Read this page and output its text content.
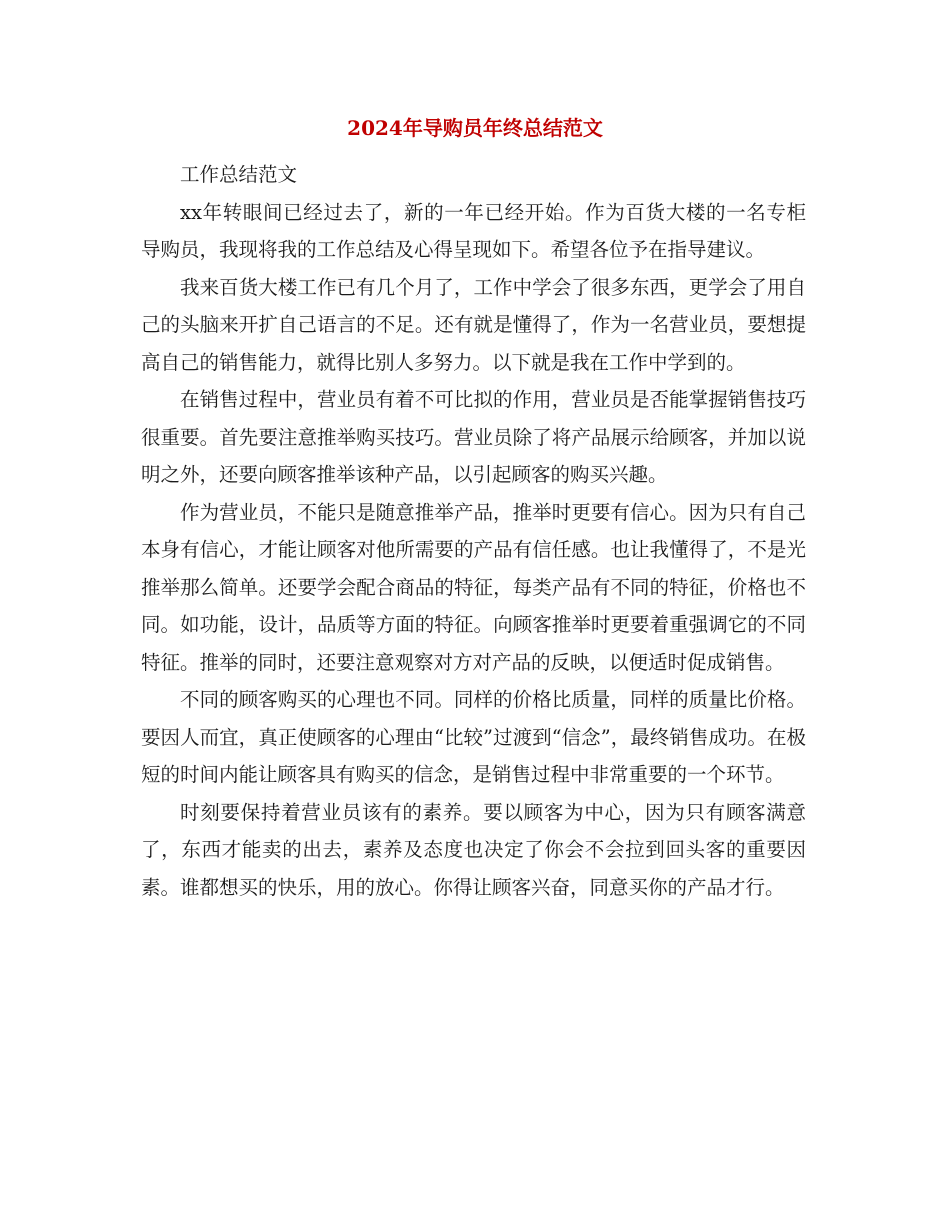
2024年导购员年终总结范文

工作总结范文

xx年转眼间已经过去了，新的一年已经开始。作为百货大楼的一名专柜导购员，我现将我的工作总结及心得呈现如下。希望各位予在指导建议。

我来百货大楼工作已有几个月了，工作中学会了很多东西，更学会了用自己的头脑来开扩自己语言的不足。还有就是懂得了，作为一名营业员，要想提高自己的销售能力，就得比别人多努力。以下就是我在工作中学到的。

在销售过程中，营业员有着不可比拟的作用，营业员是否能掌握销售技巧很重要。首先要注意推举购买技巧。营业员除了将产品展示给顾客，并加以说明之外，还要向顾客推举该种产品，以引起顾客的购买兴趣。

作为营业员，不能只是随意推举产品，推举时更要有信心。因为只有自己本身有信心，才能让顾客对他所需要的产品有信任感。也让我懂得了，不是光推举那么简单。还要学会配合商品的特征，每类产品有不同的特征，价格也不同。如功能，设计，品质等方面的特征。向顾客推举时更要着重强调它的不同特征。推举的同时，还要注意观察对方对产品的反映，以便适时促成销售。

不同的顾客购买的心理也不同。同样的价格比质量，同样的质量比价格。要因人而宜，真正使顾客的心理由“比较”过渡到“信念”，最终销售成功。在极短的时间内能让顾客具有购买的信念，是销售过程中非常重要的一个环节。

时刻要保持着营业员该有的素养。要以顾客为中心，因为只有顾客满意了，东西才能卖的出去，素养及态度也决定了你会不会拉到回头客的重要因素。谁都想买的快乐，用的放心。你得让顾客兴奋，同意买你的产品才行。
